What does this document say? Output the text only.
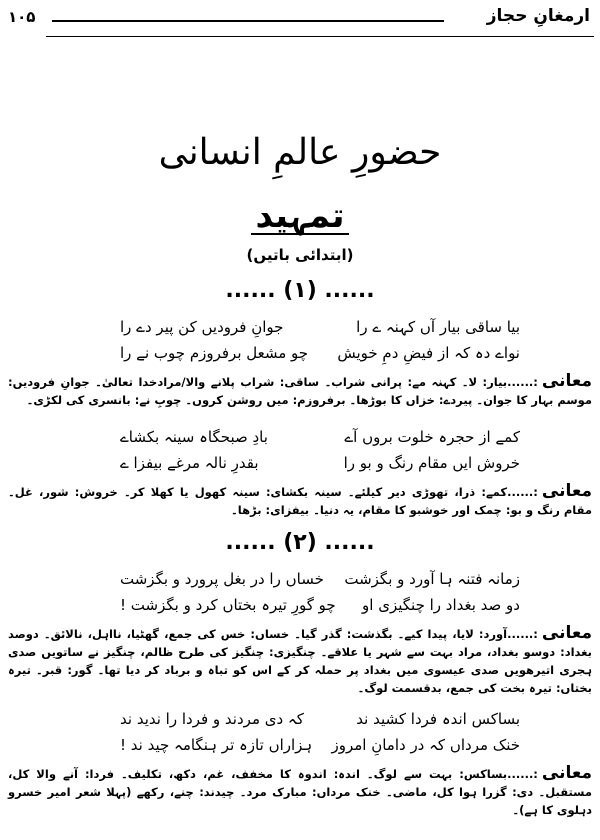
۱۰۵	ارمغانِ حجاز
حضورِ عالمِ انسانی
تمہید
(ابتدائی باتیں)
...... (۱) ......
بیا ساقی بیار آں کہنہ ے را
جوانِ فرودیں کن پیر دے را
نواے دہ کہ از فیضِ دمِ خویش
چو مشعل برفروزم چوب نے را
معانی:......بیار: لا۔ کہنہ مے: پرانی شراب۔ ساقی: شراب پلانے والا/مرادخدا تعالیٰ۔ جوانِ فرودیں: موسم بہار کا جوان۔ پیردے: خزاں کا بوڑھا۔ برفروزم: میں روشن کروں۔ چوبِ نے: بانسری کی لکڑی۔
کمے از حجرہ خلوت بروں آے
بادِ صبحگاہ سینہ بکشاے
خروش ایں مقام رنگ و بو را
بقدرِ نالہ مرغے بیفزا ے
معانی:......کمے: ذرا، تھوڑی دیر کیلئے۔ سینہ بکشای: سینہ کھول یا کھلا کر۔ خروش: شور، غل۔ مقام رنگ و بو: چمک اور خوشبو کا مقام، یہ دنیا۔ بیفزای: بڑھا۔
...... (۲) ......
زمانہ فتنہ ہا آورد و بگزشت
خساں را در بغل پرورد و بگزشت
دو صد بغداد را چنگیزی او
چو گورِ تیرہ بختاں کرد و بگزشت !
معانی:......آورد: لایا، پیدا کیے۔ بگذشت: گذر گیا۔ خساں: خس کی جمع، گھٹیا، نااہل، نالائق۔ دوصد بغداد: دوسو بغداد، مراد بہت سے شہر یا علاقے۔ چنگیزی: چنگیز کی طرح ظالم، چنگیز نے ساتویں صدی ہجری اتیرھویں صدی عیسوی میں بغداد پر حملہ کر کے اس کو تباہ و برباد کر دیا تھا۔ گور: قبر۔ تیرہ بختاں: تیرہ بخت کی جمع، بدقسمت لوگ۔
بساکس اندہ فردا کشید ند
کہ دی مردند و فردا را ندید ند
خنک مرداں کہ در دامانِ امروز
ہزاراں تازہ تر ہنگامہ چید ند !
معانی:......بساکس: بہت سے لوگ۔ اندہ: اندوہ کا مخفف، غم، دکھ، تکلیف۔ فردا: آنے والا کل، مستقبل۔ دی: گزرا ہوا کل، ماضی۔ خنک مرداں: مبارک مرد۔ چیدند: چنے، رکھے (پہلا شعر امیر خسرو دہلوی کا ہے)۔
